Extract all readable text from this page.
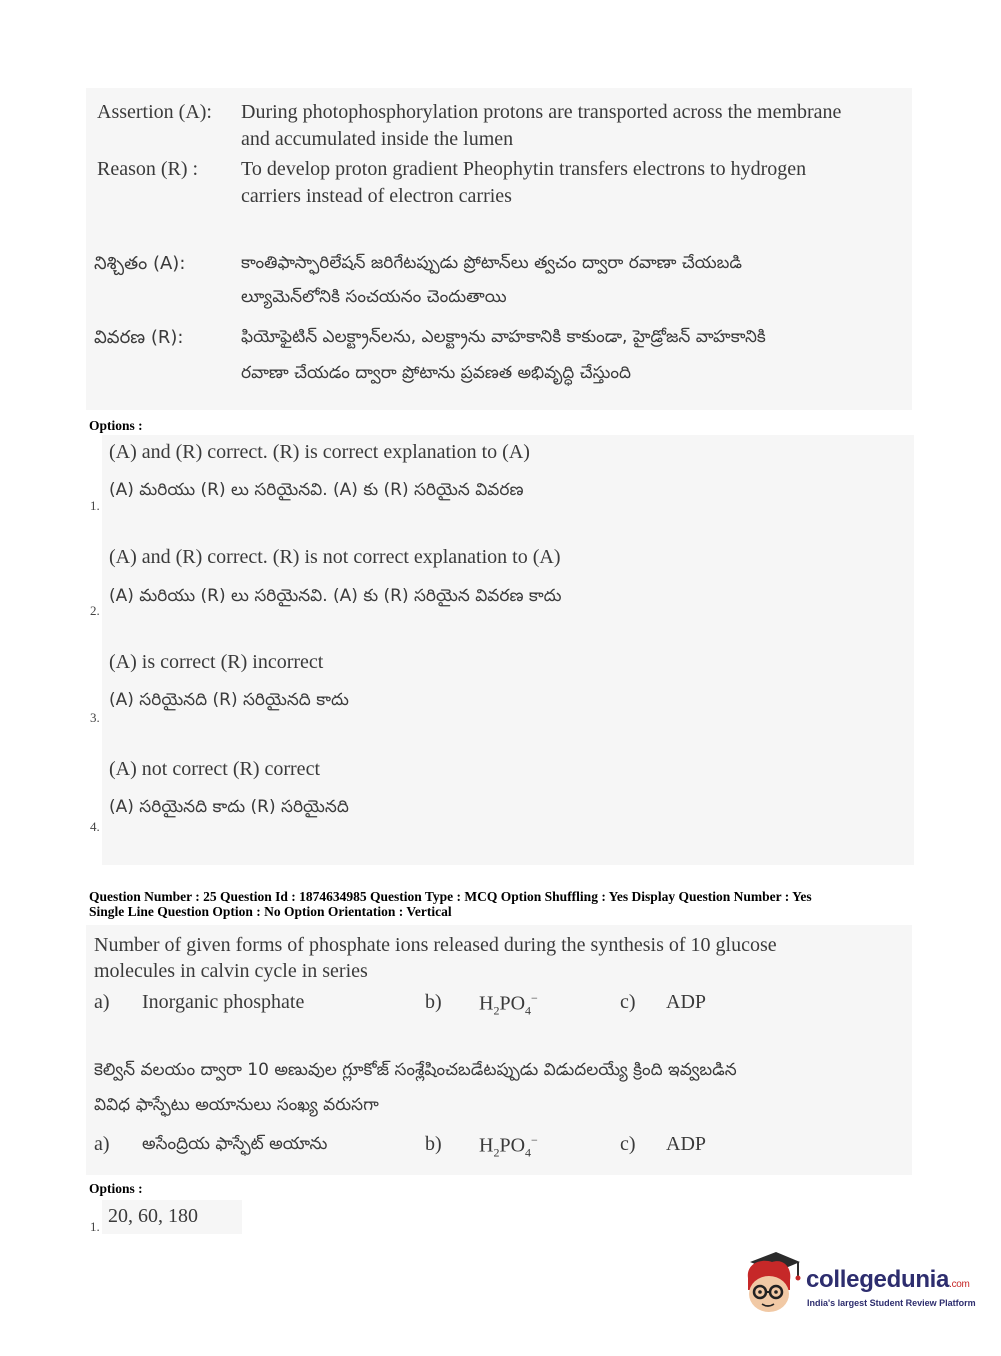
Assertion (A): During photophosphorylation protons are transported across the membrane
and accumulated inside the lumen
Reason (R) : To develop proton gradient Pheophytin transfers electrons to hydrogen
carriers instead of electron carries
నిశ్చితం (A):	కాంతిఫాస్ఫారిలేషన్ జరిగేటప్పుడు ప్రోటాన్‌లు త్వచం ద్వారా రవాణా చేయబడి
ల్యూమెన్‌లోనికి సంచయనం చెందుతాయి
వివరణ (R):	ఫియోఫైటిన్ ఎలక్ట్రాన్‌లను, ఎలక్ట్రాను వాహకానికి కాకుండా, హైడ్రోజన్ వాహకానికి
రవాణా చేయడం ద్వారా ప్రోటాను ప్రవణత అభివృద్ధి చేస్తుంది
Options :
(A) and (R) correct. (R) is correct explanation to (A)
(A) మరియు (R) లు సరియైనవి. (A) కు (R) సరియైన వివరణ
1.
(A) and (R) correct. (R) is not correct explanation to (A)
(A) మరియు (R) లు సరియైనవి. (A) కు (R) సరియైన వివరణ కాదు
2.
(A) is correct (R) incorrect
(A) సరియైనది (R) సరియైనది కాదు
3.
(A) not correct (R) correct
(A) సరియైనది కాదు (R) సరియైనది
4.
Question Number : 25 Question Id : 1874634985 Question Type : MCQ Option Shuffling : Yes Display Question Number : Yes
Single Line Question Option : No Option Orientation : Vertical
Number of given forms of phosphate ions released during the synthesis of 10 glucose
molecules in calvin cycle in series
a) Inorganic phosphate	b) $H_2PO_4^-$	c) ADP
కెల్విన్ వలయం ద్వారా 10 అణువుల గ్లూకోజ్ సంశ్లేషించబడేటప్పుడు విడుదలయ్యే క్రింది ఇవ్వబడిన
వివిధ ఫాస్ఫేటు అయానులు సంఖ్య వరుసగా
a) అసేంద్రియ ఫాస్ఫేట్ అయాను	b) $H_2PO_4^-$	c) ADP
Options :
20, 60, 180
1.
collegedunia.com
India's largest Student Review Platform
